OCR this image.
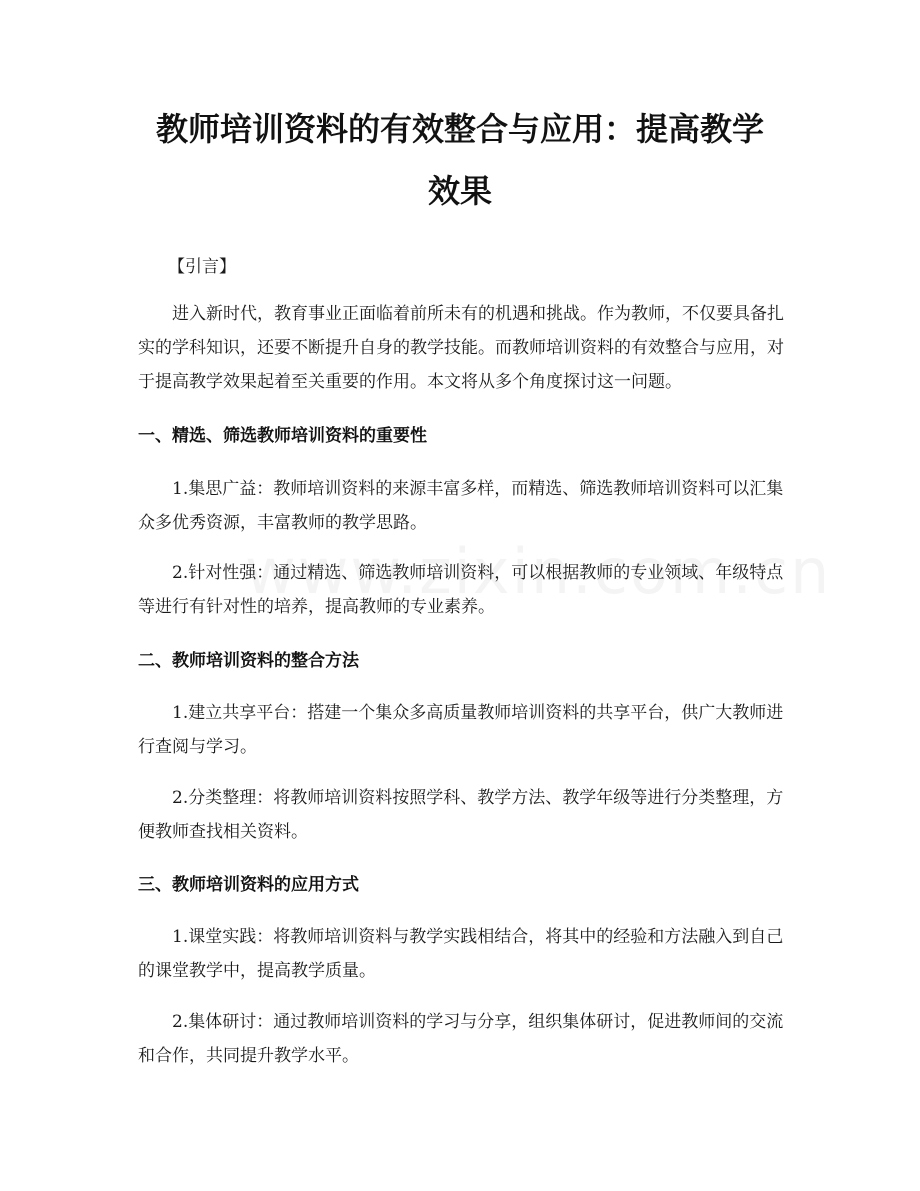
教师培训资料的有效整合与应用：提高教学
效果

【引言】

进入新时代，教育事业正面临着前所未有的机遇和挑战。作为教师，不仅要具备扎实的学科知识，还要不断提升自身的教学技能。而教师培训资料的有效整合与应用，对于提高教学效果起着至关重要的作用。本文将从多个角度探讨这一问题。

一、精选、筛选教师培训资料的重要性

1.集思广益：教师培训资料的来源丰富多样，而精选、筛选教师培训资料可以汇集众多优秀资源，丰富教师的教学思路。

2.针对性强：通过精选、筛选教师培训资料，可以根据教师的专业领域、年级特点等进行有针对性的培养，提高教师的专业素养。

二、教师培训资料的整合方法

1.建立共享平台：搭建一个集众多高质量教师培训资料的共享平台，供广大教师进行查阅与学习。

2.分类整理：将教师培训资料按照学科、教学方法、教学年级等进行分类整理，方便教师查找相关资料。

三、教师培训资料的应用方式

1.课堂实践：将教师培训资料与教学实践相结合，将其中的经验和方法融入到自己的课堂教学中，提高教学质量。

2.集体研讨：通过教师培训资料的学习与分享，组织集体研讨，促进教师间的交流和合作，共同提升教学水平。
